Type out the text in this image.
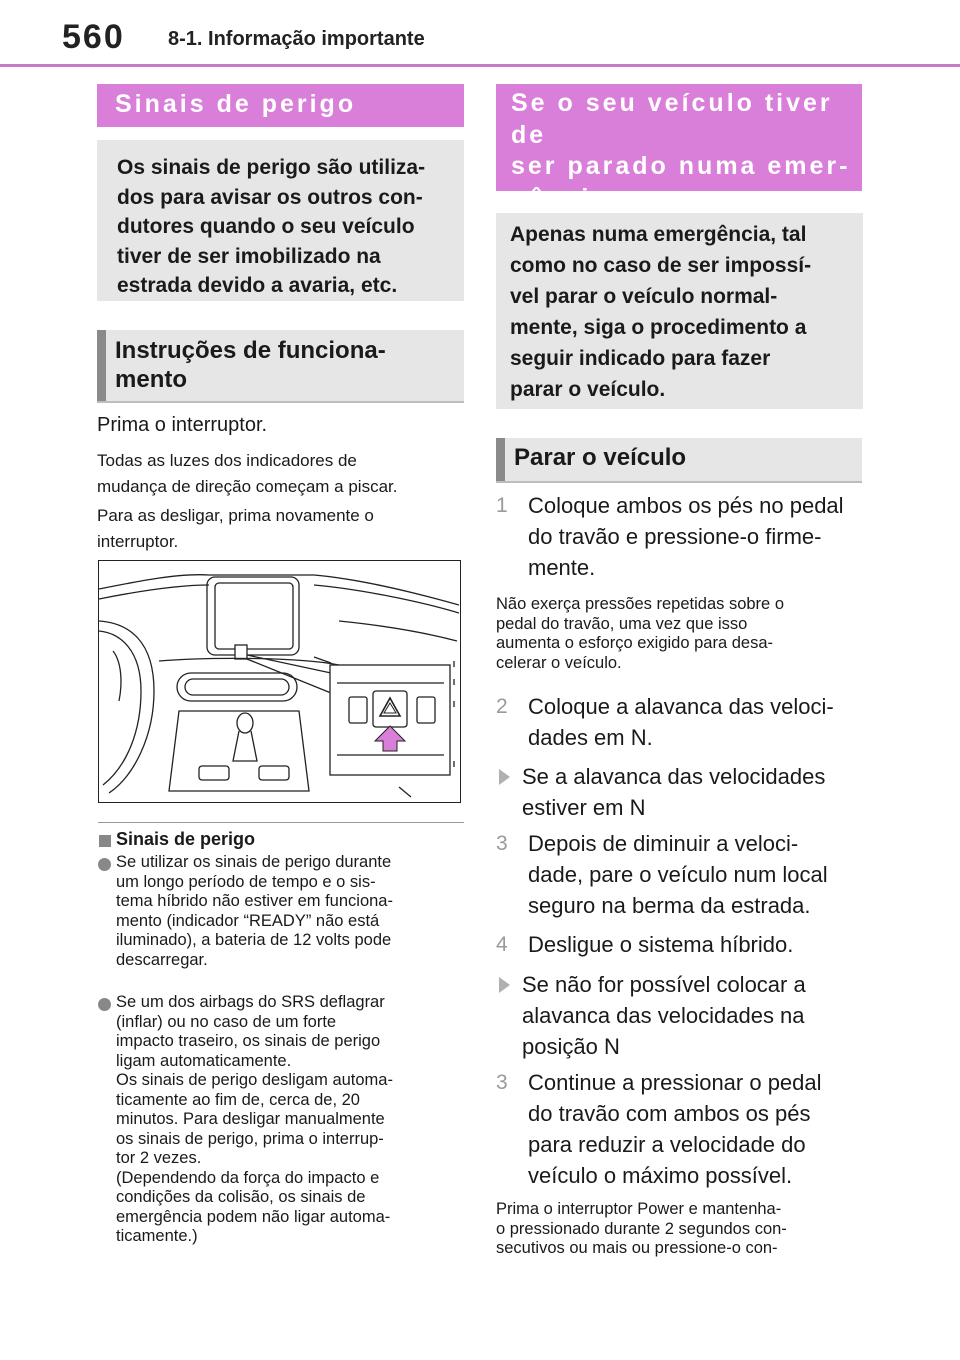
560 8-1. Informação importante
Sinais de perigo
Os sinais de perigo são utiliza-
dos para avisar os outros con-
dutores quando o seu veículo
tiver de ser imobilizado na
estrada devido a avaria, etc.
Instruções de funciona-
mento
Prima o interruptor.
Todas as luzes dos indicadores de
mudança de direção começam a piscar.
Para as desligar, prima novamente o
interruptor.
Sinais de perigo
Se utilizar os sinais de perigo durante
um longo período de tempo e o sis-
tema híbrido não estiver em funciona-
mento (indicador “READY” não está
iluminado), a bateria de 12 volts pode
descarregar.
Se um dos airbags do SRS deflagrar
(inflar) ou no caso de um forte
impacto traseiro, os sinais de perigo
ligam automaticamente.
Os sinais de perigo desligam automa-
ticamente ao fim de, cerca de, 20
minutos. Para desligar manualmente
os sinais de perigo, prima o interrup-
tor 2 vezes.
(Dependendo da força do impacto e
condições da colisão, os sinais de
emergência podem não ligar automa-
ticamente.)
Se o seu veículo tiver de
ser parado numa emer-
gência
Apenas numa emergência, tal
como no caso de ser impossí-
vel parar o veículo normal-
mente, siga o procedimento a
seguir indicado para fazer
parar o veículo.
Parar o veículo
1 Coloque ambos os pés no pedal
do travão e pressione-o firme-
mente.
Não exerça pressões repetidas sobre o
pedal do travão, uma vez que isso
aumenta o esforço exigido para desa-
celerar o veículo.
2 Coloque a alavanca das veloci-
dades em N.
Se a alavanca das velocidades
estiver em N
3 Depois de diminuir a veloci-
dade, pare o veículo num local
seguro na berma da estrada.
4 Desligue o sistema híbrido.
Se não for possível colocar a
alavanca das velocidades na
posição N
3 Continue a pressionar o pedal
do travão com ambos os pés
para reduzir a velocidade do
veículo o máximo possível.
Prima o interruptor Power e mantenha-
o pressionado durante 2 segundos con-
secutivos ou mais ou pressione-o con-
